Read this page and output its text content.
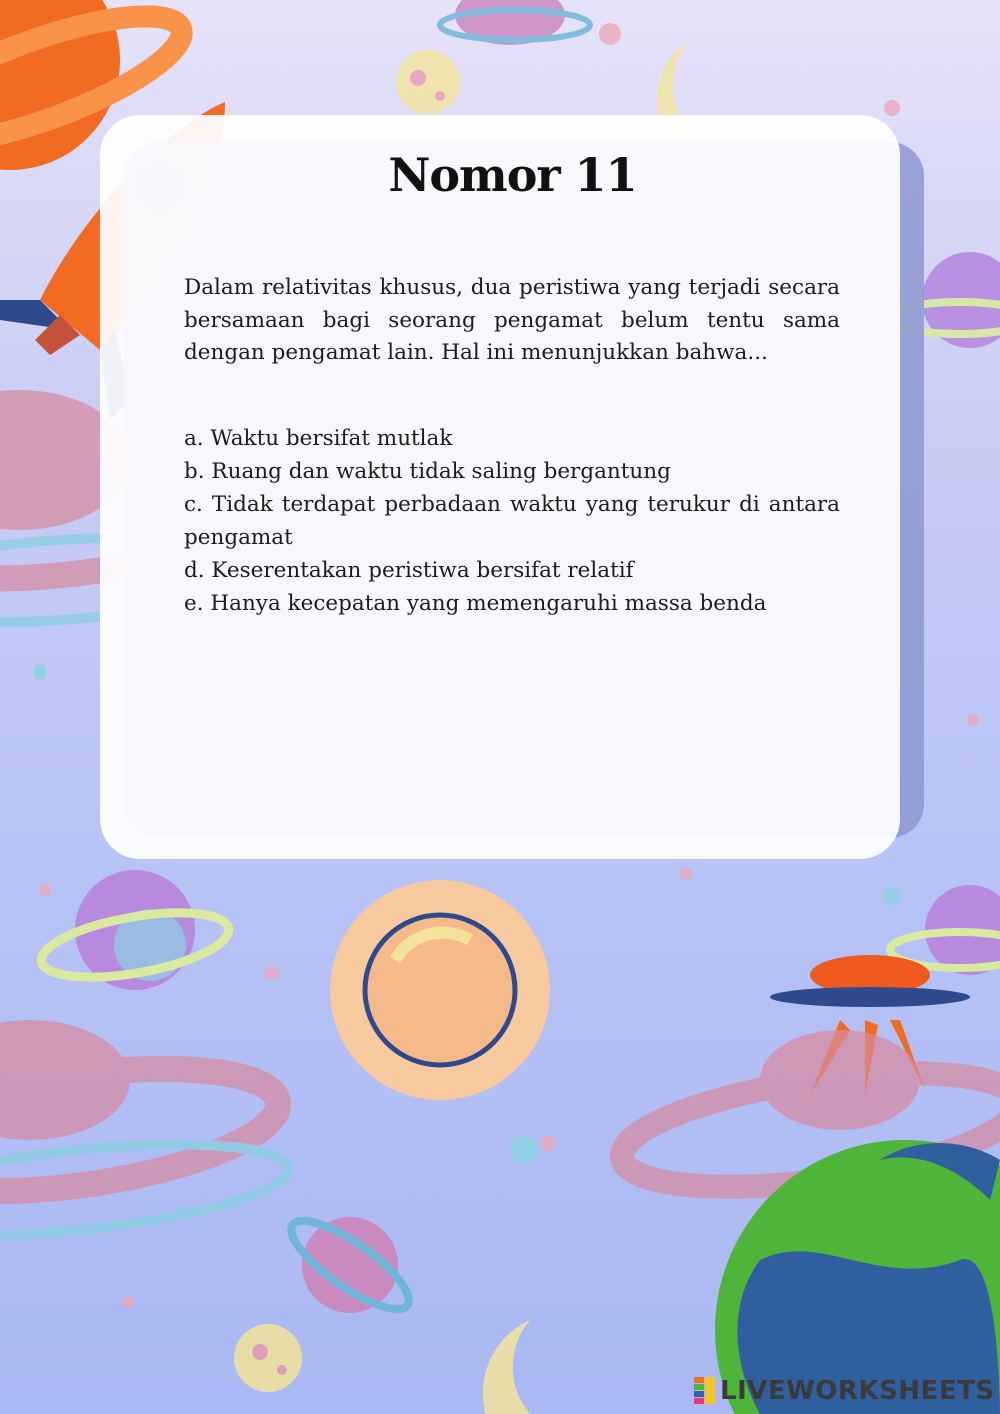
Nomor 11

Dalam relativitas khusus, dua peristiwa yang terjadi secara bersamaan bagi seorang pengamat belum tentu sama dengan pengamat lain. Hal ini menunjukkan bahwa...

a. Waktu bersifat mutlak
b. Ruang dan waktu tidak saling bergantung
c. Tidak terdapat perbadaan waktu yang terukur di antara pengamat
d. Keserentakan peristiwa bersifat relatif
e. Hanya kecepatan yang memengaruhi massa benda
LIVEWORKSHEETS
